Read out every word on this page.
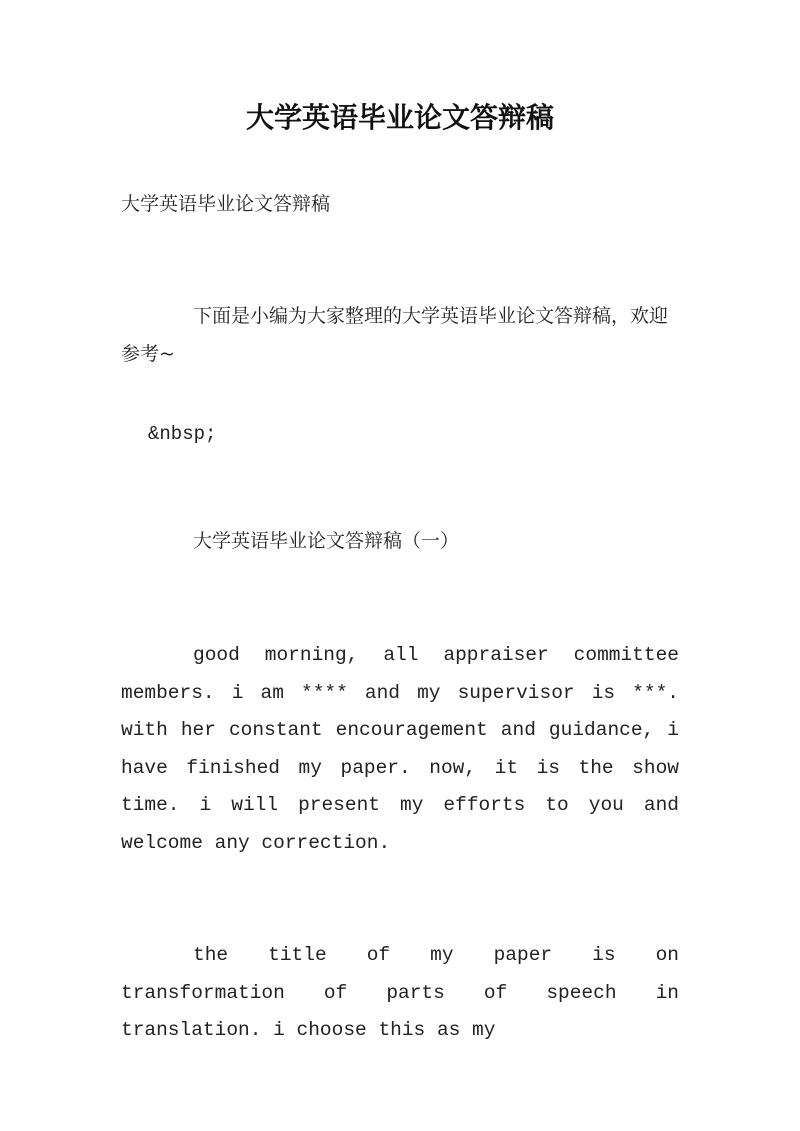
大学英语毕业论文答辩稿

大学英语毕业论文答辩稿

下面是小编为大家整理的大学英语毕业论文答辩稿，欢迎参考~

&nbsp;

大学英语毕业论文答辩稿（一）

good morning, all appraiser committee members. i am **** and my supervisor is ***. with her constant encouragement and guidance, i have finished my paper. now, it is the show time. i will present my efforts to you and welcome any correction.

the title of my paper is on transformation of parts of speech in translation. i choose this as my
